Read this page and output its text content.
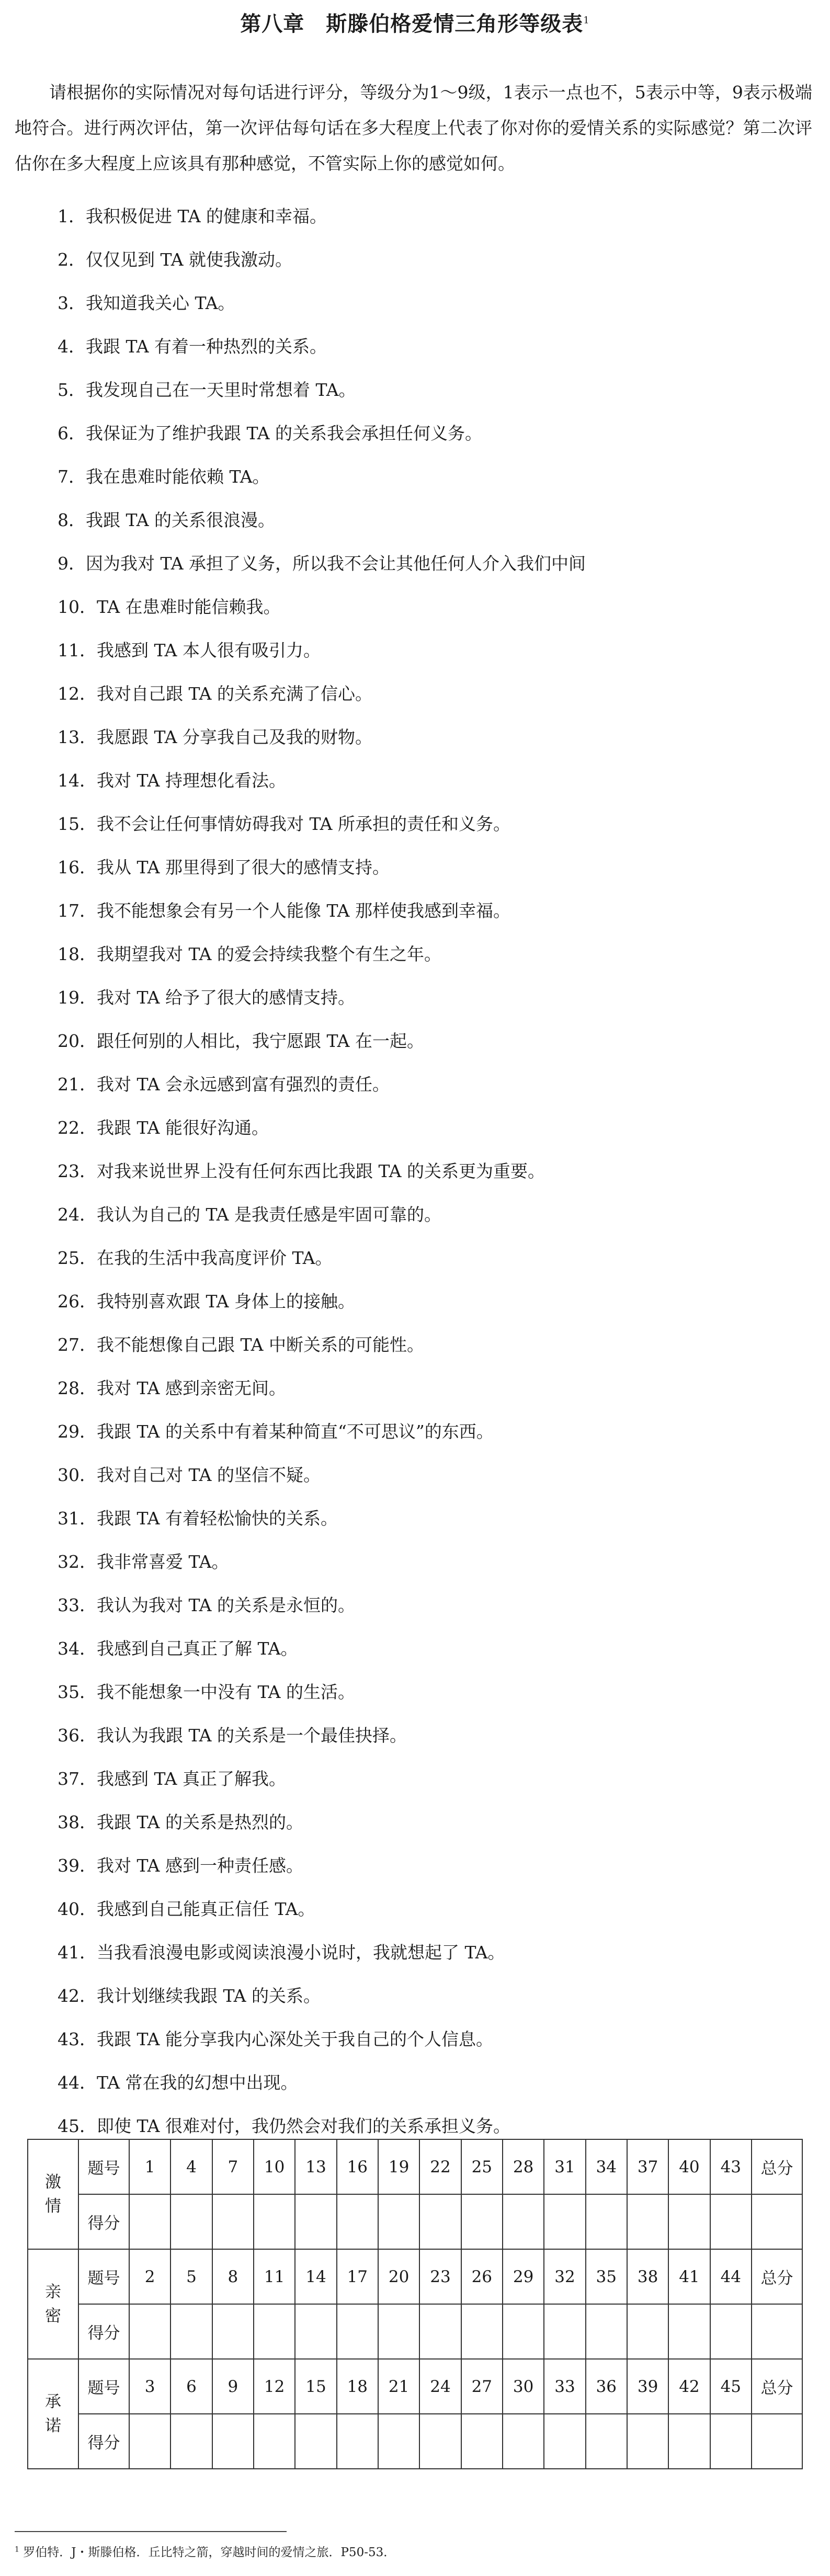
第八章　斯滕伯格爱情三角形等级表$^1$

请根据你的实际情况对每句话进行评分，等级分为1～9级，1表示一点也不，5表示中等，9表示极端地符合。进行两次评估，第一次评估每句话在多大程度上代表了你对你的爱情关系的实际感觉？第二次评估你在多大程度上应该具有那种感觉，不管实际上你的感觉如何。

1．我积极促进 TA 的健康和幸福。
2．仅仅见到 TA 就使我激动。
3．我知道我关心 TA。
4．我跟 TA 有着一种热烈的关系。
5．我发现自己在一天里时常想着 TA。
6．我保证为了维护我跟 TA 的关系我会承担任何义务。
7．我在患难时能依赖 TA。
8．我跟 TA 的关系很浪漫。
9．因为我对 TA 承担了义务，所以我不会让其他任何人介入我们中间
10．TA 在患难时能信赖我。
11．我感到 TA 本人很有吸引力。
12．我对自己跟 TA 的关系充满了信心。
13．我愿跟 TA 分享我自己及我的财物。
14．我对 TA 持理想化看法。
15．我不会让任何事情妨碍我对 TA 所承担的责任和义务。
16．我从 TA 那里得到了很大的感情支持。
17．我不能想象会有另一个人能像 TA 那样使我感到幸福。
18．我期望我对 TA 的爱会持续我整个有生之年。
19．我对 TA 给予了很大的感情支持。
20．跟任何别的人相比，我宁愿跟 TA 在一起。
21．我对 TA 会永远感到富有强烈的责任。
22．我跟 TA 能很好沟通。
23．对我来说世界上没有任何东西比我跟 TA 的关系更为重要。
24．我认为自己的 TA 是我责任感是牢固可靠的。
25．在我的生活中我高度评价 TA。
26．我特别喜欢跟 TA 身体上的接触。
27．我不能想像自己跟 TA 中断关系的可能性。
28．我对 TA 感到亲密无间。
29．我跟 TA 的关系中有着某种简直“不可思议”的东西。
30．我对自己对 TA 的坚信不疑。
31．我跟 TA 有着轻松愉快的关系。
32．我非常喜爱 TA。
33．我认为我对 TA 的关系是永恒的。
34．我感到自己真正了解 TA。
35．我不能想象一中没有 TA 的生活。
36．我认为我跟 TA 的关系是一个最佳抉择。
37．我感到 TA 真正了解我。
38．我跟 TA 的关系是热烈的。
39．我对 TA 感到一种责任感。
40．我感到自己能真正信任 TA。
41．当我看浪漫电影或阅读浪漫小说时，我就想起了 TA。
42．我计划继续我跟 TA 的关系。
43．我跟 TA 能分享我内心深处关于我自己的个人信息。
44．TA 常在我的幻想中出现。
45．即使 TA 很难对付，我仍然会对我们的关系承担义务。
激
情	题号	1	4	7	10	13	16	19	22	25	28	31	34	37	40	43	总分
	得分																

亲
密	题号	2	5	8	11	14	17	20	23	26	29	32	35	38	41	44	总分
	得分																

承
诺	题号	3	6	9	12	15	18	21	24	27	30	33	36	39	42	45	总分
	得分																
$^1$ 罗伯特．J・斯滕伯格．丘比特之箭，穿越时间的爱情之旅．P50-53．
